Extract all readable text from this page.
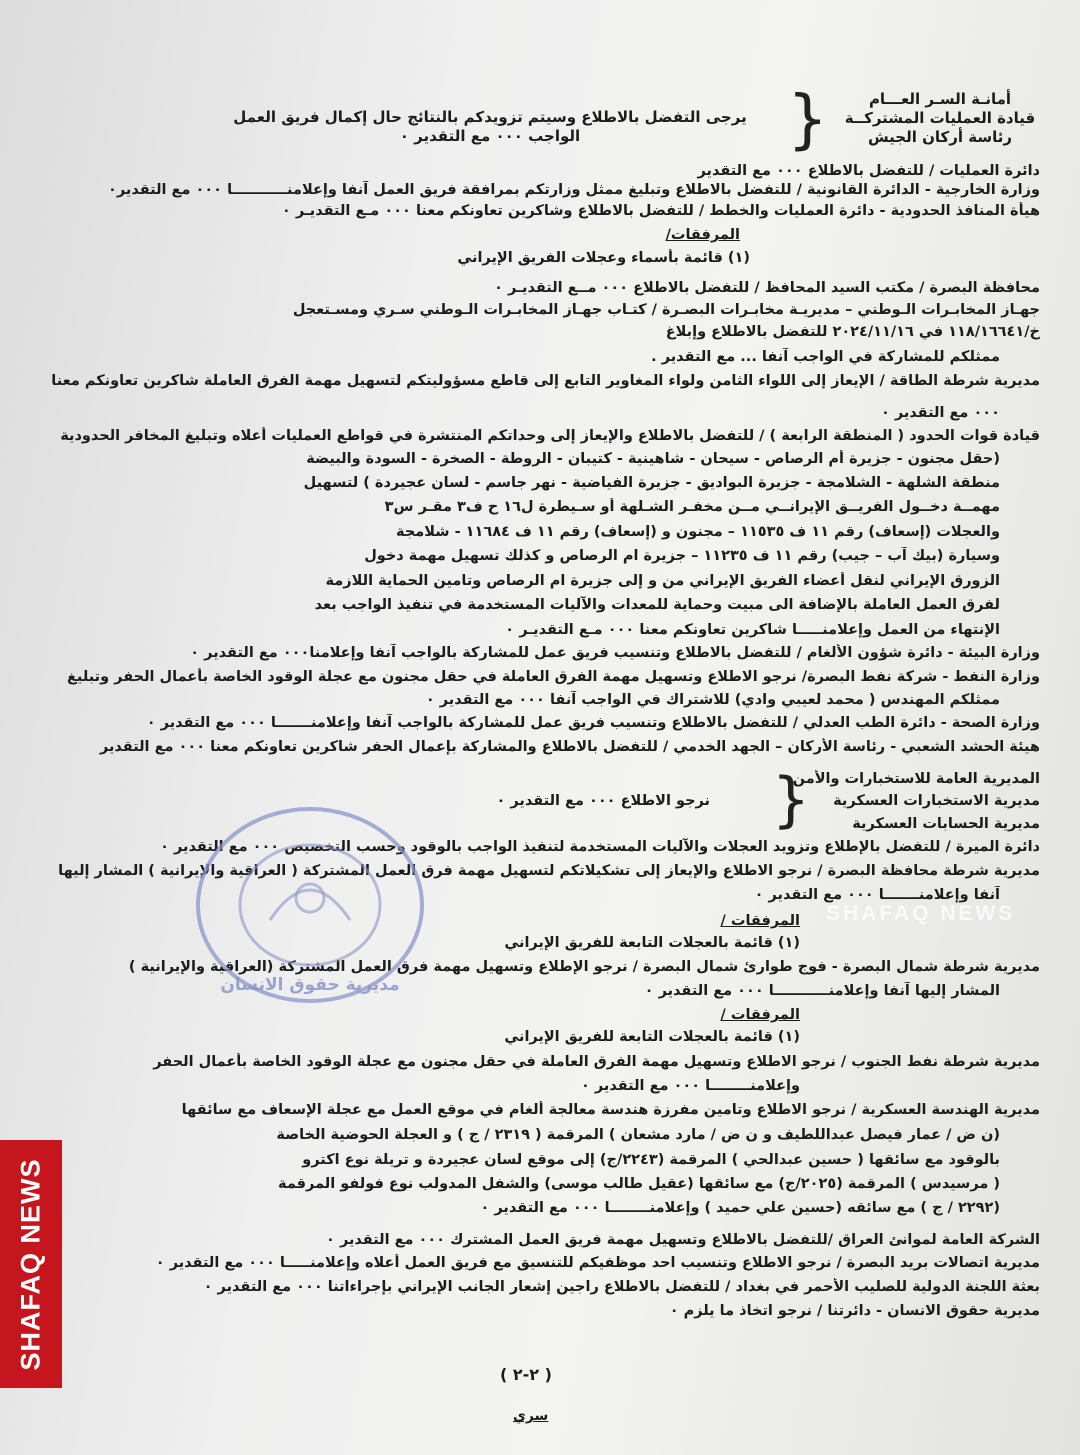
أمانـة السـر العـــام
قيادة العمليات المشتركــة
رئاسة أركان الجيش
{
يرجى التفضل بالاطلاع وسيتم تزويدكم بالنتائج حال إكمال فريق العمل
الواجب ٠٠٠ مع التقدير ٠
دائرة العمليات / للتفضل بالاطلاع ٠٠٠ مع التقدير
وزارة الخارجية - الدائرة القانونية / للتفضل بالاطلاع وتبليغ ممثل وزارتكم بمرافقة فريق العمل آنفا وإعلامنـــــــــــا ٠٠٠ مع التقدير٠
هيأة المنافذ الحدودية - دائرة العمليات والخطط / للتفضل بالاطلاع وشاكرين تعاونكم معنا ٠٠٠ مـع التقديـر ٠
المرفقات/
(١) قائمة بأسماء وعجلات الفريق الإيراني
محافظة البصرة / مكتب السيد المحافظ / للتفضل بالاطلاع ٠٠٠ مــع التقديـر ٠
جهـاز المخابـرات الـوطني – مديريـة مخابـرات البصـرة / كتـاب جهـاز المخابـرات الـوطني سـري ومسـتعجل
خ/١١٨/١٦٦٤١ في ٢٠٢٤/١١/١٦ للتفضل بالاطلاع وإبلاغ
ممثلكم للمشاركة في الواجب آنفا ... مع التقدير .
مديرية شرطة الطاقة / الإيعاز إلى اللواء الثامن ولواء المغاوير التابع إلى قاطع مسؤوليتكم لتسهيل مهمة الفرق العاملة شاكرين تعاونكم معنا
٠٠٠ مع التقدير ٠
قيادة قوات الحدود ( المنطقة الرابعة ) / للتفضل بالاطلاع والإيعاز إلى وحداتكم المنتشرة في قواطع العمليات أعلاه وتبليغ المخافر الحدودية
(حقل مجنون - جزيرة أم الرصاص - سيحان - شاهينية - كتيبان - الروطة - الصخرة - السودة والبيضة
منطقة الشلهة - الشلامجة - جزيرة البواديق - جزيرة الفياضية - نهر جاسم - لسان عجيردة ) لتسهيل
مهمــة دخــول الفريــق الإيرانــي مــن مخفـر الشـلهة أو سـيطرة ل١٦ ح ف٣ مقـر س٣
والعجلات (إسعاف) رقم ١١ ف ١١٥٣٥ – مجنون و (إسعاف) رقم ١١ ف ١١٦٨٤ - شلامجة
وسيارة (بيك آب – جيب) رقم ١١ ف ١١٢٣٥ – جزيرة ام الرصاص و كذلك تسهيل مهمة دخول
الزورق الإيراني لنقل أعضاء الفريق الإيراني من و إلى جزيرة ام الرصاص وتامين الحماية اللازمة
لفرق العمل العاملة بالإضافة الى مبيت وحماية للمعدات والآليات المستخدمة في تنفيذ الواجب بعد
الإنتهاء من العمل وإعلامنـــــا شاكرين تعاونكم معنا ٠٠٠ مـع التقديـر ٠
وزارة البيئة - دائرة شؤون الألغام / للتفضل بالاطلاع وتنسيب فريق عمل للمشاركة بالواجب آنفا وإعلامنا٠٠٠ مع التقدير ٠
وزارة النفط - شركة نفط البصرة/ نرجو الاطلاع وتسهيل مهمة الفرق العاملة في حقل مجنون مع عجلة الوقود الخاصة بأعمال الحفر وتبليغ
ممثلكم المهندس ( محمد لعيبي وادي) للاشتراك في الواجب آنفا ٠٠٠ مع التقدير ٠
وزارة الصحة - دائرة الطب العدلي / للتفضل بالاطلاع وتنسيب فريق عمل للمشاركة بالواجب آنفا وإعلامنـــــــا ٠٠٠ مع التقدير ٠
هيئة الحشد الشعبي - رئاسة الأركان – الجهد الخدمي / للتفضل بالاطلاع والمشاركة بإعمال الحفر شاكرين تعاونكم معنا ٠٠٠ مع التقدير
المديرية العامة للاستخبارات والأمن
مديرية الاستخبارات العسكرية
مديرية الحسابات العسكرية
{
نرجو الاطلاع ٠٠٠ مع التقدير ٠
دائرة الميرة / للتفضل بالإطلاع وتزويد العجلات والآليات المستخدمة لتنفيذ الواجب بالوقود وحسب التخصيص ٠٠٠ مع التقدير ٠
مديرية شرطة محافظة البصرة / نرجو الاطلاع والإيعاز إلى تشكيلاتكم لتسهيل مهمة فرق العمل المشتركة ( العراقية والإيرانية ) المشار إليها
آنفا وإعلامنـــــــا ٠٠٠ مع التقدير ٠
المرفقات /
(١) قائمة بالعجلات التابعة للفريق الإيراني
مديرية شرطة شمال البصرة - فوج طوارئ شمال البصرة / نرجو الإطلاع وتسهيل مهمة فرق العمل المشتركة (العراقية والإيرانية )
المشار إليها آنفا وإعلامنـــــــــــا ٠٠٠ مع التقدير ٠
المرفقات /
(١) قائمة بالعجلات التابعة للفريق الإيراني
مديرية شرطة نفط الجنوب / نرجو الاطلاع وتسهيل مهمة الفرق العاملة في حقل مجنون مع عجلة الوقود الخاصة بأعمال الحفر
وإعلامنــــــــا ٠٠٠ مع التقدير ٠
مديرية الهندسة العسكرية / نرجو الاطلاع وتامين مفرزة هندسة معالجة ألغام في موقع العمل مع عجلة الإسعاف مع سائقها
(ن ض / عمار فيصل عبداللطيف و ن ض / مارد مشعان ) المرقمة ( ٢٣١٩ / ج ) و العجلة الحوضية الخاصة
بالوقود مع سائقها ( حسين عبدالحي ) المرقمة (٢٢٤٣/ج) إلى موقع لسان عجيردة و تريلة نوع اكترو
( مرسيدس ) المرقمة (٢٠٢٥/ج) مع سائقها (عقيل طالب موسى) والشفل المدولب نوع فولفو المرقمة
(٢٢٩٢ / ج ) مع سائقه (حسين علي حميد ) وإعلامنــــــــا ٠٠٠ مع التقدير ٠
الشركة العامة لموانئ العراق /للتفضل بالاطلاع وتسهيل مهمة فريق العمل المشترك ٠٠٠ مع التقدير ٠
مديرية اتصالات بريد البصرة / نرجو الاطلاع وتنسيب احد موظفيكم للتنسيق مع فريق العمل أعلاه وإعلامنـــــا ٠٠٠ مع التقدير ٠
بعثة اللجنة الدولية للصليب الأحمر في بغداد / للتفضل بالاطلاع راجين إشعار الجانب الإيراني بإجراءاتنا ٠٠٠ مع التقدير ٠
مديرية حقوق الانسان - دائرتنا / نرجو اتخاذ ما يلزم ٠
مديرية حقوق الانسان
SHAFAQ NEWS
SHAFAQ NEWS
( ٢-٢ )
سري
